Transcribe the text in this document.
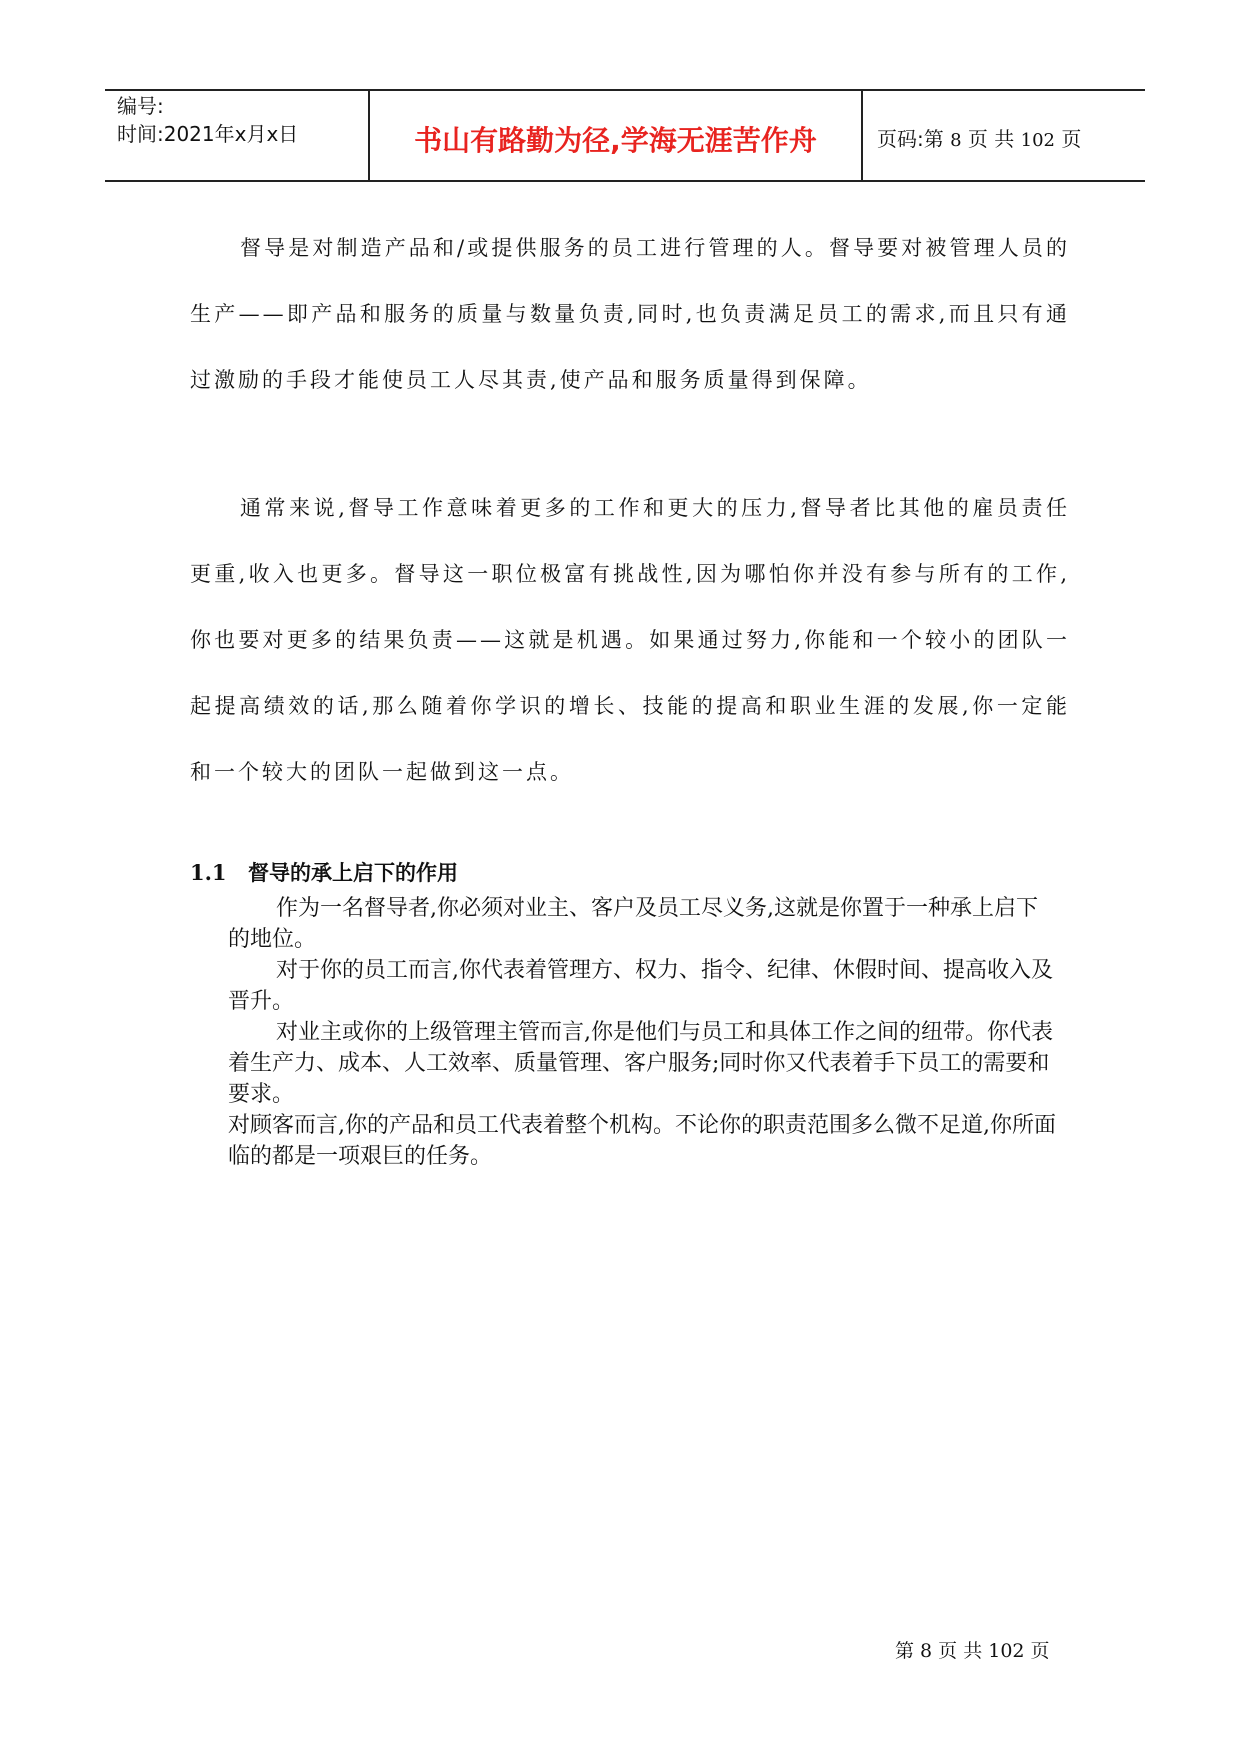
编号:
时间:2021年x月x日	书山有路勤为径,学海无涯苦作舟	页码:第 8 页 共 102 页

督导是对制造产品和/或提供服务的员工进行管理的人。督导要对被管理人员的生产——即产品和服务的质量与数量负责,同时,也负责满足员工的需求,而且只有通过激励的手段才能使员工人尽其责,使产品和服务质量得到保障。

通常来说,督导工作意味着更多的工作和更大的压力,督导者比其他的雇员责任更重,收入也更多。督导这一职位极富有挑战性,因为哪怕你并没有参与所有的工作,你也要对更多的结果负责——这就是机遇。如果通过努力,你能和一个较小的团队一起提高绩效的话,那么随着你学识的增长、技能的提高和职业生涯的发展,你一定能和一个较大的团队一起做到这一点。

1.1 督导的承上启下的作用

作为一名督导者,你必须对业主、客户及员工尽义务,这就是你置于一种承上启下的地位。

对于你的员工而言,你代表着管理方、权力、指令、纪律、休假时间、提高收入及晋升。

对业主或你的上级管理主管而言,你是他们与员工和具体工作之间的纽带。你代表着生产力、成本、人工效率、质量管理、客户服务;同时你又代表着手下员工的需要和要求。

对顾客而言,你的产品和员工代表着整个机构。不论你的职责范围多么微不足道,你所面临的都是一项艰巨的任务。

第 8 页 共 102 页
